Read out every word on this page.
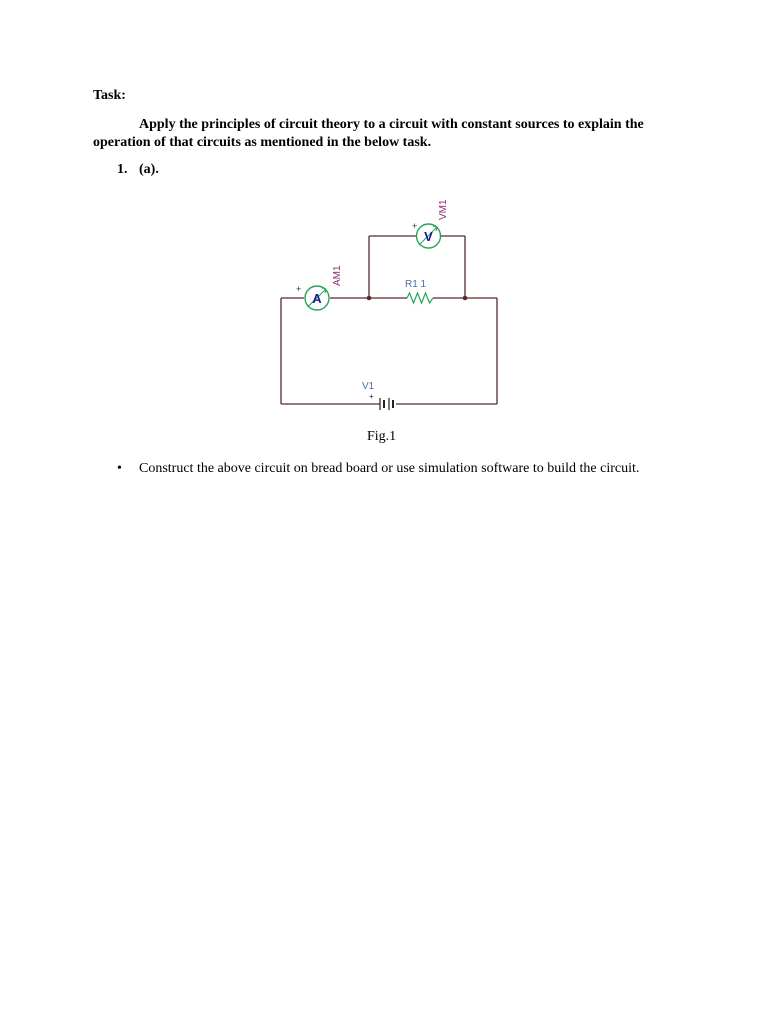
Task:

Apply the principles of circuit theory to a circuit with constant sources to explain the operation of that circuits as mentioned in the below task.

1. (a).

R1 1
V
+
VM1
A
+
AM1
V1
+

Fig.1

• Construct the above circuit on bread board or use simulation software to build the circuit.
